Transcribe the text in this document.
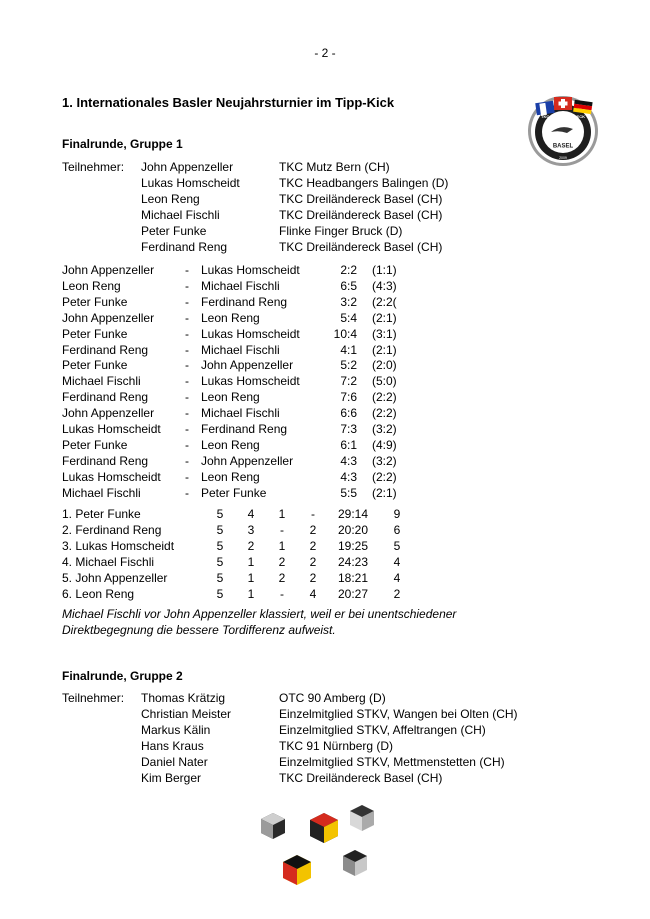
- 2 -
1. Internationales Basler Neujahrsturnier im Tipp-Kick
BASEL
2009
TKC DREILÄNDERECK
Finalrunde, Gruppe 1
Teilnehmer: John Appenzeller	TKC Mutz Bern (CH)
Lukas Homscheidt	TKC Headbangers Balingen (D)
Leon Reng	TKC Dreiländereck Basel (CH)
Michael Fischli	TKC Dreiländereck Basel (CH)
Peter Funke	Flinke Finger Bruck (D)
Ferdinand Reng	TKC Dreiländereck Basel (CH)
John Appenzeller	- Lukas Homscheidt	2:2 (1:1)
Leon Reng	- Michael Fischli	6:5 (4:3)
Peter Funke	- Ferdinand Reng	3:2 (2:2(
John Appenzeller	- Leon Reng	5:4 (2:1)
Peter Funke	- Lukas Homscheidt	10:4 (3:1)
Ferdinand Reng	- Michael Fischli	4:1 (2:1)
Peter Funke	- John Appenzeller	5:2 (2:0)
Michael Fischli	- Lukas Homscheidt	7:2 (5:0)
Ferdinand Reng	- Leon Reng	7:6 (2:2)
John Appenzeller	- Michael Fischli	6:6 (2:2)
Lukas Homscheidt - Ferdinand Reng	7:3 (3:2)
Peter Funke	- Leon Reng	6:1 (4:9)
Ferdinand Reng	- John Appenzeller	4:3 (3:2)
Lukas Homscheidt - Leon Reng	4:3 (2:2)
Michael Fischli	- Peter Funke	5:5 (2:1)
1. Peter Funke	5	4	1	-	29:14	9
2. Ferdinand Reng	5	3	-	2	20:20	6
3. Lukas Homscheidt	5	2	1	2	19:25	5
4. Michael Fischli	5	1	2	2	24:23	4
5. John Appenzeller	5	1	2	2	18:21	4
6. Leon Reng	5	1	-	4	20:27	2
Michael Fischli vor John Appenzeller klassiert, weil er bei unentschiedener Direktbegegnung die bessere Tordifferenz aufweist.
Finalrunde, Gruppe 2
Teilnehmer: Thomas Krätzig	OTC 90 Amberg (D)
Christian Meister	Einzelmitglied STKV, Wangen bei Olten (CH)
Markus Kälin	Einzelmitglied STKV, Affeltrangen (CH)
Hans Kraus	TKC 91 Nürnberg (D)
Daniel Nater	Einzelmitglied STKV, Mettmenstetten (CH)
Kim Berger	TKC Dreiländereck Basel (CH)
